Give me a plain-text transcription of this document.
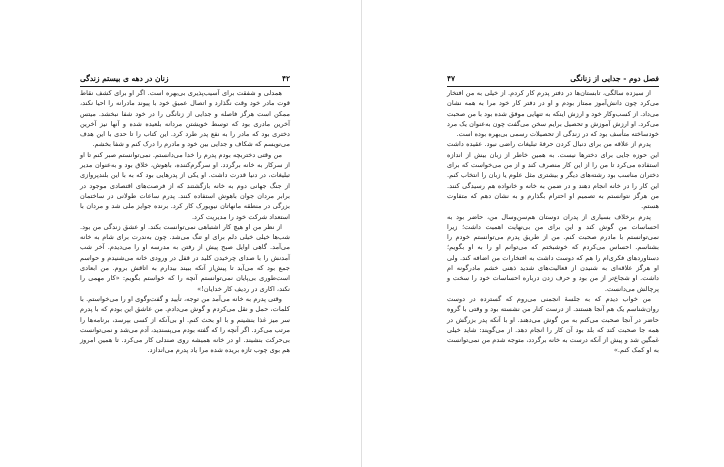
۴۲
زنان در دهه ی بیستم زندگی

همدلی و شفقت برای آسیب‌پذیری بی‌بهره است. اگر او برای کشف نقاط قوت مادر خود وقت نگذارد و اتصال عمیق خود با پیوند مادرانه را احیا نکند، ممکن است هرگز فاصله و جدایی از زنانگی را در خود شفا نبخشد. میتس آخرین مادری بود که توسط خویشتن مردانه بلعیده شده و آنها نیز آخرین دختری بود که مادر را به نفع پدر طرد کرد. این کتاب را تا حدی با این هدف می‌نویسم که شکاف و جدایی بین خود و مادرم را درک کنم و شفا بخشم.

من وقتی دختربچه بودم پدرم را خدا می‌دانستم. نمی‌توانستم صبر کنم تا او از سرکار به خانه برگردد. او سرگرم‌کننده، باهوش، خلاق بود و به‌عنوان مدیر تبلیغات، در دنیا قدرت داشت. او یکی از پدرهایی بود که به با این بلندپروازی از جنگ جهانی دوم به خانه بازگشتند که از فرصت‌های اقتصادی موجود در برابر مردان جوان باهوش استفاده کنند. پدرم ساعات طولانی در ساختمان بزرگی در منطقه مانهاتان نیویورک کار کرد. برنده جوایز ملی شد و مردان با استعداد شرکت خود را مدیریت کرد.

از نظر من او هیچ کار اشتباهی نمی‌توانست بکند. او عشق زندگی من بود. شب‌ها خیلی خیلی دلم برای او تنگ می‌شد. چون به‌ندرت برای شام به خانه می‌آمد. گاهی اوایل صبح پیش از رفتن به مدرسه او را می‌دیدم. آخر شب آمدنش را با صدای چرخیدن کلید در قفل در ورودی خانه می‌شنیدم و حواسم جمع بود که می‌آید تا پیش‌از آنکه ببیند بیدارم به اتاقش بروم. من ابعادی است‌طوری بی‌پایان نمی‌توانستم آنچه را که خواستم بگویم: «کار مهمی را نکند، اکاری در ردیف کار خدایان!»

وقتی پدرم به خانه می‌آمد من توجه، تأیید و گفت‌وگوی او را می‌خواستم. با کلمات، حمل و نقل می‌کردم و گوش می‌دادم. من عاشق این بودم که با پدرم سر میز غذا بنشینم و با او بحث کنم. او بی‌آنکه از کسی بپرسد، برنامه‌ها را مرتب می‌کرد. اگر آنچه را که گفته بودم می‌پسندید، آدم می‌شد و نمی‌توانست بی‌حرکت بنشیند. او در خانه همیشه روی صندلی کار می‌کرد. تا همین امروز هم بوی چوب تازه بریده شده مرا یاد پدرم می‌اندازد.

فصل دوم - جدایی از زنانگی
۴۷

از سیزده سالگی، تابستان‌ها در دفتر پدرم کار کردم. از خیلی به من افتخار می‌کرد چون دانش‌آموز ممتاز بودم و او در دفتر کار خود مرا به همه نشان می‌داد. از کسب‌وکار خود و ارزش اینکه به تنهایی موفق شده بود با من صحبت می‌کرد. او ارزش آموزش و تحصیل برایم سخن می‌گفت چون به‌عنوان یک مرد خودساخته متأسف بود که در زندگی از تحصیلات رسمی بی‌بهره بوده است.

پدرم از علاقه من برای دنبال کردن حرفهٔ تبلیغات راضی نبود. عقیده داشت این حوزه جایی برای دخترها نیست. به همین خاطر از زبان بیش از اندازه استفاده می‌کرد تا من را از این کار منصرف کند و از من می‌خواست که برای دختران مناسب بود رشته‌های دیگر و بیشتری مثل علوم یا زبان را انتخاب کنم. این کار را در خانه انجام دهند و در ضمن به خانه و خانواده هم رسیدگی کنند. من هرگز نتوانستم به تصمیم او احترام بگذارم و به نشان دهم که متفاوت هستم.

پدرم برخلاف بسیاری از پدران دوستان هم‌سن‌وسال من، حاضر بود به احساسات من گوش کند و این برای من بی‌نهایت اهمیت داشت؛ زیرا نمی‌توانستم با مادرم صحبت کنم. من از طریق پدرم می‌توانستم خودم را بشناسم. احساس می‌کردم که خوشبختم که می‌توانم او را به او بگویم؛ دستاوردهای فکری‌ام را هم که دوست داشت به افتخارات من اضافه کند. ولی او هرگز علاقه‌ای به شنیدن از فعالیت‌های شدید ذهنی خشم مادرگونه ام داشت. او شجاع‌تر از من بود و حرف زدن درباره احساسات خود را سخت و پرچالش می‌دانست.

من خواب دیدم که به جلسهٔ انجمنی می‌روم که گسترده در دوست روان‌شناسم یک هم آنجا هستند. از درست کنار من نشسته بود و وقتی با گروه حاضر در آنجا صحبت می‌کنم به من گوش می‌دهند. او با آنکه پدر بزرگش در همه جا صحبت کند که بلد بود آن کار را انجام دهد. از می‌گویند: شاید خیلی غمگین شد و پیش از آنکه درست به خانه برگردد، متوجه شدم من نمی‌توانست به او کمک کنم.»
